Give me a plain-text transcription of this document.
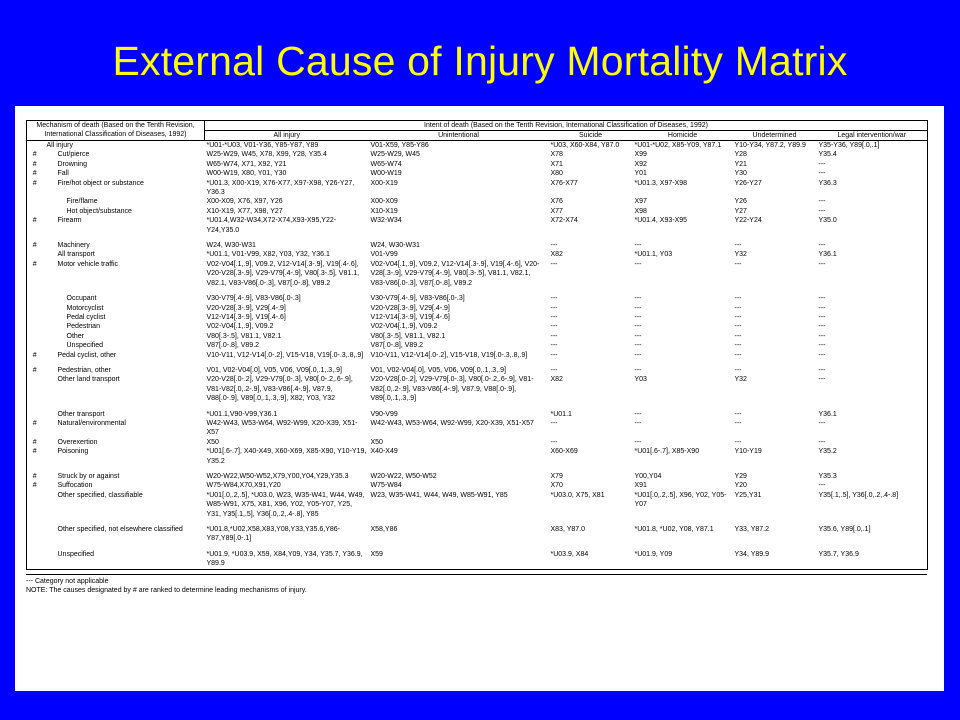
External Cause of Injury Mortality Matrix
Mechanism of death (Based on the Tenth Revision, International Classification of Diseases, 1992)		Intent of death (Based on the Tenth Revision, International Classification of Diseases, 1992)					
		All injury	Unintentional	Suicide	Homicide	Undetermined	Legal intervention/war
	All injury	*U01-*U03, V01-Y36, Y85-Y87, Y89	V01-X59, Y85-Y86	*U03, X60-X84, Y87.0	*U01-*U02, X85-Y09, Y87.1	Y10-Y34, Y87.2, Y89.9	Y35-Y36, Y89[.0,.1]
#	Cut/pierce	W25-W29, W45, X78, X99, Y28, Y35.4	W25-W29, W45	X78	X99	Y28	Y35.4
#	Drowning	W65-W74, X71, X92, Y21	W65-W74	X71	X92	Y21	---
#	Fall	W00-W19, X80, Y01, Y30	W00-W19	X80	Y01	Y30	---
#	Fire/hot object or substance	*U01.3, X00-X19, X76-X77, X97-X98, Y26-Y27, Y36.3	X00-X19	X76-X77	*U01.3, X97-X98	Y26-Y27	Y36.3
	Fire/flame	X00-X09, X76, X97, Y26	X00-X09	X76	X97	Y26	---
	Hot object/substance	X10-X19, X77, X98, Y27	X10-X19	X77	X98	Y27	---
#	Firearm	*U01.4,W32-W34,X72-X74,X93-X95,Y22-Y24,Y35.0	W32-W34	X72-X74	*U01.4, X93-X95	Y22-Y24	Y35.0

#	Machinery	W24, W30-W31	W24, W30-W31	---	---	---	---
	All transport	*U01.1, V01-V99, X82, Y03, Y32, Y36.1	V01-V99	X82	*U01.1, Y03	Y32	Y36.1
#	Motor vehicle traffic	V02-V04[.1,.9], V09.2, V12-V14[.3-.9], V19[.4-.6], V20-V28[.3-.9], V29-V79[.4-.9], V80[.3-.5], V81.1, V82.1, V83-V86[.0-.3], V87[.0-.8], V89.2	V02-V04[.1,.9], V09.2, V12-V14[.3-.9], V19[.4-.6], V20-V28[.3-.9], V29-V79[.4-.9], V80[.3-.5], V81.1, V82.1, V83-V86[.0-.3], V87[.0-.8], V89.2	---	---	---	---

	Occupant	V30-V79[.4-.9], V83-V86[.0-.3]	V30-V79[.4-.9], V83-V86[.0-.3]	---	---	---	---
	Motorcyclist	V20-V28[.3-.9], V29[.4-.9]	V20-V28[.3-.9], V29[.4-.9]	---	---	---	---
	Pedal cyclist	V12-V14[.3-.9], V19[.4-.6]	V12-V14[.3-.9], V19[.4-.6]	---	---	---	---
	Pedestrian	V02-V04[.1,.9], V09.2	V02-V04[.1,.9], V09.2	---	---	---	---
	Other	V80[.3-.5], V81.1, V82.1	V80[.3-.5], V81.1, V82.1	---	---	---	---
	Unspecified	V87[.0-.8], V89.2	V87[.0-.8], V89.2	---	---	---	---
#	Pedal cyclist, other	V10-V11, V12-V14[.0-.2], V15-V18, V19[.0-.3,.8,.9]	V10-V11, V12-V14[.0-.2], V15-V18, V19[.0-.3,.8,.9]	---	---	---	---

#	Pedestrian, other	V01, V02-V04[.0], V05, V06, V09[.0,.1,.3,.9]	V01, V02-V04[.0], V05, V06, V09[.0,.1,.3,.9]	---	---	---	---
	Other land transport	V20-V28[.0-.2], V29-V79[.0-.3], V80[.0-.2,.6-.9], V81-V82[.0,.2-.9], V83-V86[.4-.9], V87.9, V88[.0-.9], V89[.0,.1,.3,.9], X82, Y03, Y32	V20-V28[.0-.2], V29-V79[.0-.3], V80[.0-.2,.6-.9], V81-V82[.0,.2-.9], V83-V86[.4-.9], V87.9, V88[.0-.9], V89[.0,.1,.3,.9]	X82	Y03	Y32	---

	Other transport	*U01.1,V90-V99,Y36.1	V90-V99	*U01.1	---	---	Y36.1
#	Natural/environmental	W42-W43, W53-W64, W92-W99, X20-X39, X51-X57	W42-W43, W53-W64, W92-W99, X20-X39, X51-X57	---	---	---	---
#	Overexertion	X50	X50	---	---	---	---
#	Poisoning	*U01[.6-.7], X40-X49, X60-X69, X85-X90, Y10-Y19, Y35.2	X40-X49	X60-X69	*U01[.6-.7], X85-X90	Y10-Y19	Y35.2

#	Struck by or against	W20-W22,W50-W52,X79,Y00,Y04,Y29,Y35.3	W20-W22, W50-W52	X79	Y00,Y04	Y29	Y35.3
#	Suffocation	W75-W84,X70,X91,Y20	W75-W84	X70	X91	Y20	---
	Other specified, classifiable	*U01[.0,.2,.5], *U03.0, W23, W35-W41, W44, W49, W85-W91, X75, X81, X96, Y02, Y05-Y07, Y25, Y31, Y35[.1,.5], Y36[.0,.2,.4-.8], Y85	W23, W35-W41, W44, W49, W85-W91, Y85	*U03.0, X75, X81	*U01[.0,.2,.5], X96, Y02, Y05-Y07	Y25,Y31	Y35[.1,.5], Y36[.0,.2,.4-.8]

	Other specified, not elsewhere classified	*U01.8,*U02,X58,X83,Y08,Y33,Y35.6,Y86-Y87,Y89[.0-.1]	X58,Y86	X83, Y87.0	*U01.8, *U02, Y08, Y87.1	Y33, Y87.2	Y35.6, Y89[.0,.1]

	Unspecified	*U01.9, *U03.9, X59, X84,Y09, Y34, Y35.7, Y36.9, Y89.9	X59	*U03.9, X84	*U01.9, Y09	Y34, Y89.9	Y35.7, Y36.9
--- Category not applicable
NOTE: The causes designated by # are ranked to determine leading mechanisms of injury.
